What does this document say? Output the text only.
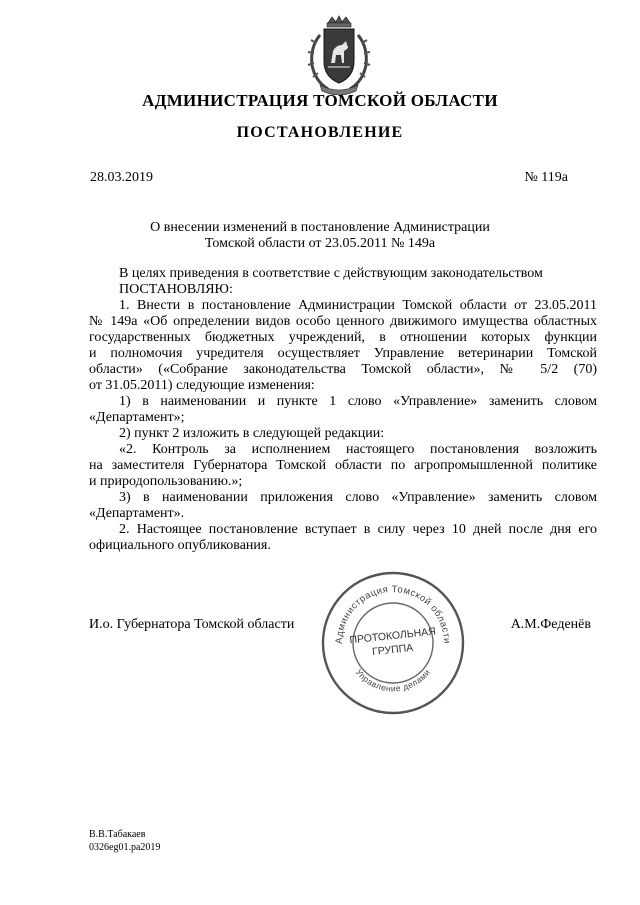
АДМИНИСТРАЦИЯ ТОМСКОЙ ОБЛАСТИ
ПОСТАНОВЛЕНИЕ
28.03.2019	№ 119а
О внесении изменений в постановление Администрации
Томской области от 23.05.2011 № 149а
В целях приведения в соответствие с действующим законодательством
ПОСТАНОВЛЯЮ:
1. Внести в постановление Администрации Томской области от 23.05.2011
№ 149а «Об определении видов особо ценного движимого имущества областных
государственных бюджетных учреждений, в отношении которых функции
и полномочия учредителя осуществляет Управление ветеринарии Томской
области» («Собрание законодательства Томской области», № 5/2 (70)
от 31.05.2011) следующие изменения:
1) в наименовании и пункте 1 слово «Управление» заменить словом
«Департамент»;
2) пункт 2 изложить в следующей редакции:
«2. Контроль за исполнением настоящего постановления возложить
на заместителя Губернатора Томской области по агропромышленной политике
и природопользованию.»;
3) в наименовании приложения слово «Управление» заменить словом
«Департамент».
2. Настоящее постановление вступает в силу через 10 дней после дня его
официального опубликования.
И.о. Губернатора Томской области	А.М.Феденёв
Администрация Томской области
Управление делами
ПРОТОКОЛЬНАЯ
ГРУППА
В.В.Табакаев
0326eg01.pa2019
